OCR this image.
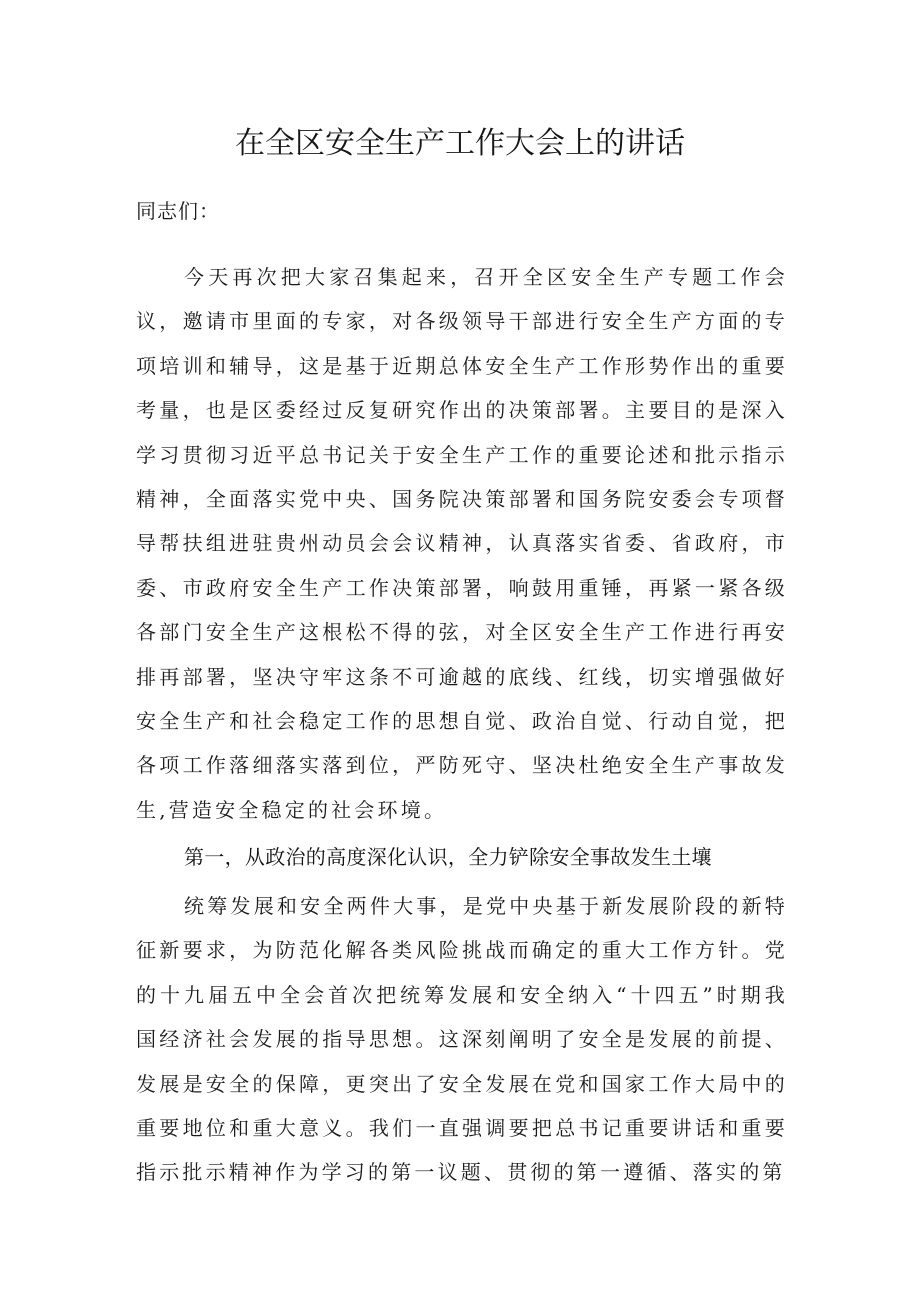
在全区安全生产工作大会上的讲话
同志们：
今天再次把大家召集起来，召开全区安全生产专题工作会议，邀请市里面的专家，对各级领导干部进行安全生产方面的专项培训和辅导，这是基于近期总体安全生产工作形势作出的重要考量，也是区委经过反复研究作出的决策部署。主要目的是深入学习贯彻习近平总书记关于安全生产工作的重要论述和批示指示精神，全面落实党中央、国务院决策部署和国务院安委会专项督导帮扶组进驻贵州动员会会议精神，认真落实省委、省政府，市委、市政府安全生产工作决策部署，响鼓用重锤，再紧一紧各级各部门安全生产这根松不得的弦，对全区安全生产工作进行再安排再部署，坚决守牢这条不可逾越的底线、红线，切实增强做好安全生产和社会稳定工作的思想自觉、政治自觉、行动自觉，把各项工作落细落实落到位，严防死守、坚决杜绝安全生产事故发生,营造安全稳定的社会环境。
第一，从政治的高度深化认识，全力铲除安全事故发生土壤
统筹发展和安全两件大事，是党中央基于新发展阶段的新特征新要求，为防范化解各类风险挑战而确定的重大工作方针。党的十九届五中全会首次把统筹发展和安全纳入“十四五”时期我国经济社会发展的指导思想。这深刻阐明了安全是发展的前提、发展是安全的保障，更突出了安全发展在党和国家工作大局中的重要地位和重大意义。我们一直强调要把总书记重要讲话和重要指示批示精神作为学习的第一议题、贯彻的第一遵循、落实的第
